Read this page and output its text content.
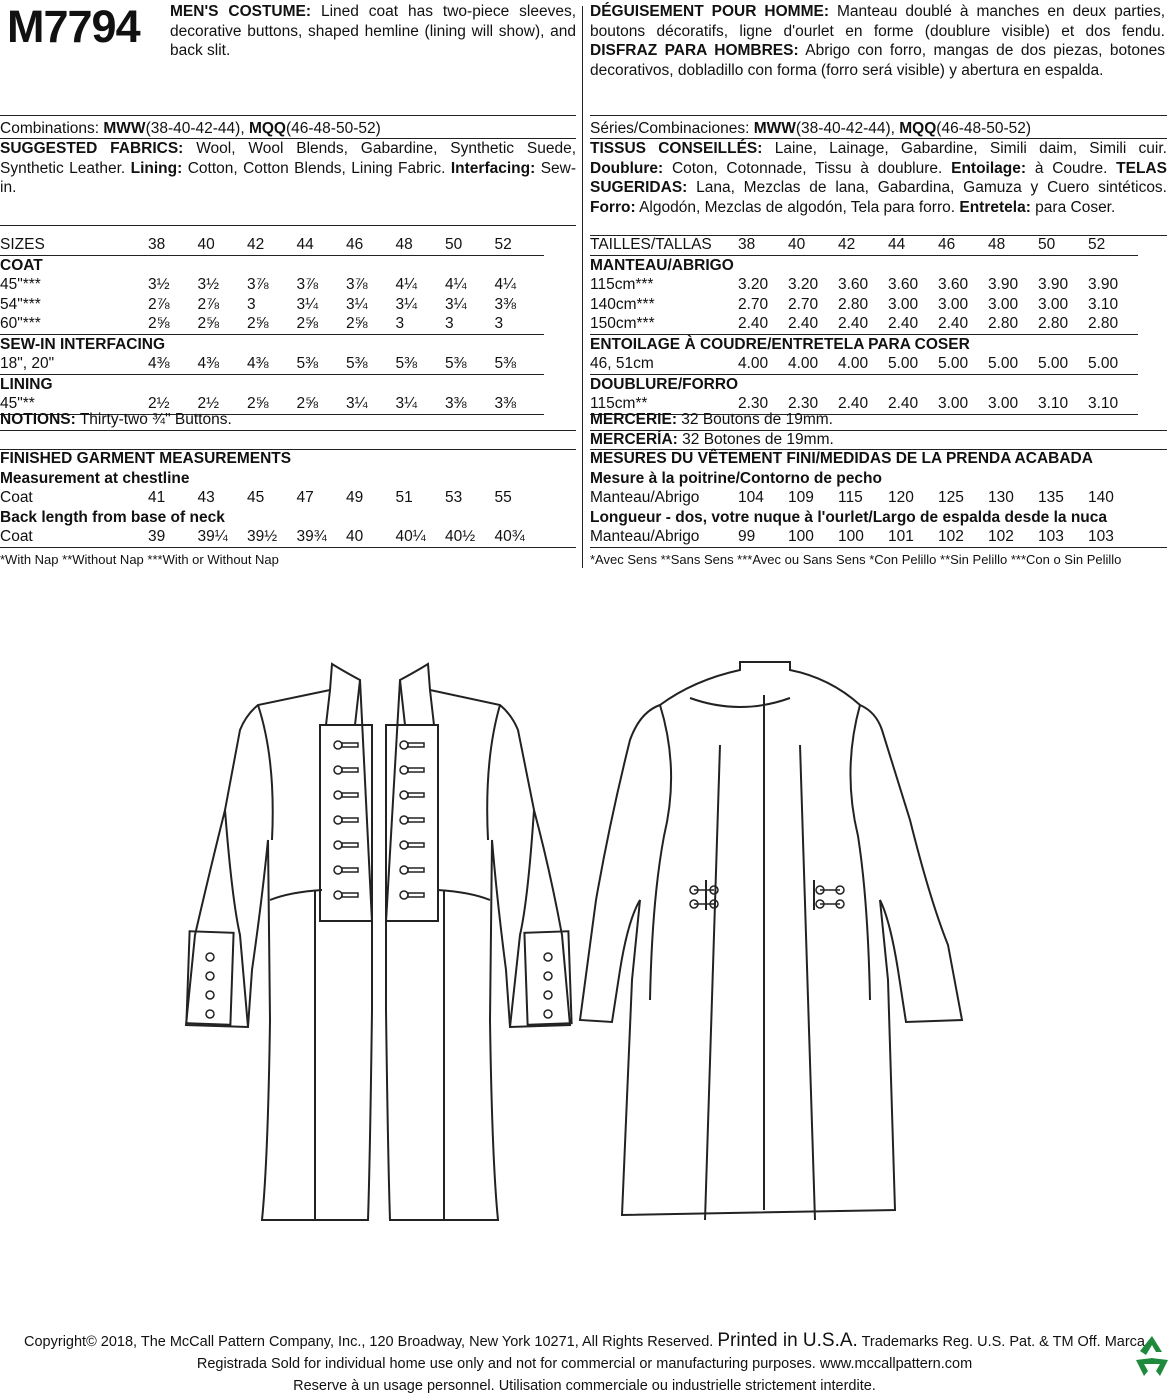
M7794 MEN'S COSTUME: Lined coat has two-piece sleeves, decorative buttons, shaped hemline (lining will show), and back slit.
Combinations: MWW(38-40-42-44), MQQ(46-48-50-52)
SUGGESTED FABRICS: Wool, Wool Blends, Gabardine, Synthetic Suede, Synthetic Leather. Lining: Cotton, Cotton Blends, Lining Fabric. Interfacing: Sew-in.
SIZES	38	40	42	44	46	48	50	52
COAT								
45"***	3½	3½	3⅞	3⅞	3⅞	4¼	4¼	4¼
54"***	2⅞	2⅞	3	3¼	3¼	3¼	3¼	3⅜
60"***	2⅝	2⅝	2⅝	2⅝	2⅝	3	3	3
SEW-IN INTERFACING								
18", 20"	4⅜	4⅜	4⅜	5⅜	5⅜	5⅜	5⅜	5⅜
LINING								
45"**	2½	2½	2⅝	2⅝	3¼	3¼	3⅜	3⅜
NOTIONS: Thirty-two ¾" Buttons.
FINISHED GARMENT MEASUREMENTS								
Measurement at chestline								
Coat	41	43	45	47	49	51	53	55
Back length from base of neck								
Coat	39	39¼	39½	39¾	40	40¼	40½	40¾
*With Nap **Without Nap ***With or Without Nap
DÉGUISEMENT POUR HOMME: Manteau doublé à manches en deux parties, boutons décoratifs, ligne d'ourlet en forme (doublure visible) et dos fendu. DISFRAZ PARA HOMBRES: Abrigo con forro, mangas de dos piezas, botones decorativos, dobladillo con forma (forro será visible) y abertura en espalda.
Séries/Combinaciones: MWW(38-40-42-44), MQQ(46-48-50-52)
TISSUS CONSEILLÉS: Laine, Lainage, Gabardine, Simili daim, Simili cuir. Doublure: Coton, Cotonnade, Tissu à doublure. Entoilage: à Coudre. TELAS SUGERIDAS: Lana, Mezclas de lana, Gabardina, Gamuza y Cuero sintéticos. Forro: Algodón, Mezclas de algodón, Tela para forro. Entretela: para Coser.
TAILLES/TALLAS	38	40	42	44	46	48	50	52
MANTEAU/ABRIGO								
115cm***	3.20	3.20	3.60	3.60	3.60	3.90	3.90	3.90
140cm***	2.70	2.70	2.80	3.00	3.00	3.00	3.00	3.10
150cm***	2.40	2.40	2.40	2.40	2.40	2.80	2.80	2.80
ENTOILAGE À COUDRE/ENTRETELA PARA COSER								
46, 51cm	4.00	4.00	4.00	5.00	5.00	5.00	5.00	5.00
DOUBLURE/FORRO								
115cm**	2.30	2.30	2.40	2.40	3.00	3.00	3.10	3.10
MERCERIE: 32 Boutons de 19mm.
MERCERÍA: 32 Botones de 19mm.
MESURES DU VÊTEMENT FINI/MEDIDAS DE LA PRENDA ACABADA								
Mesure à la poitrine/Contorno de pecho								
Manteau/Abrigo	104	109	115	120	125	130	135	140
Longueur - dos, votre nuque à l'ourlet/Largo de espalda desde la nuca								
Manteau/Abrigo	99	100	100	101	102	102	103	103
*Avec Sens **Sans Sens ***Avec ou Sans Sens *Con Pelillo **Sin Pelillo ***Con o Sin Pelillo
Copyright© 2018, The McCall Pattern Company, Inc., 120 Broadway, New York 10271, All Rights Reserved. Printed in U.S.A. Trademarks Reg. U.S. Pat. & TM Off. Marca
Registrada Sold for individual home use only and not for commercial or manufacturing purposes. www.mccallpattern.com
Reserve à un usage personnel. Utilisation commerciale ou industrielle strictement interdite.
